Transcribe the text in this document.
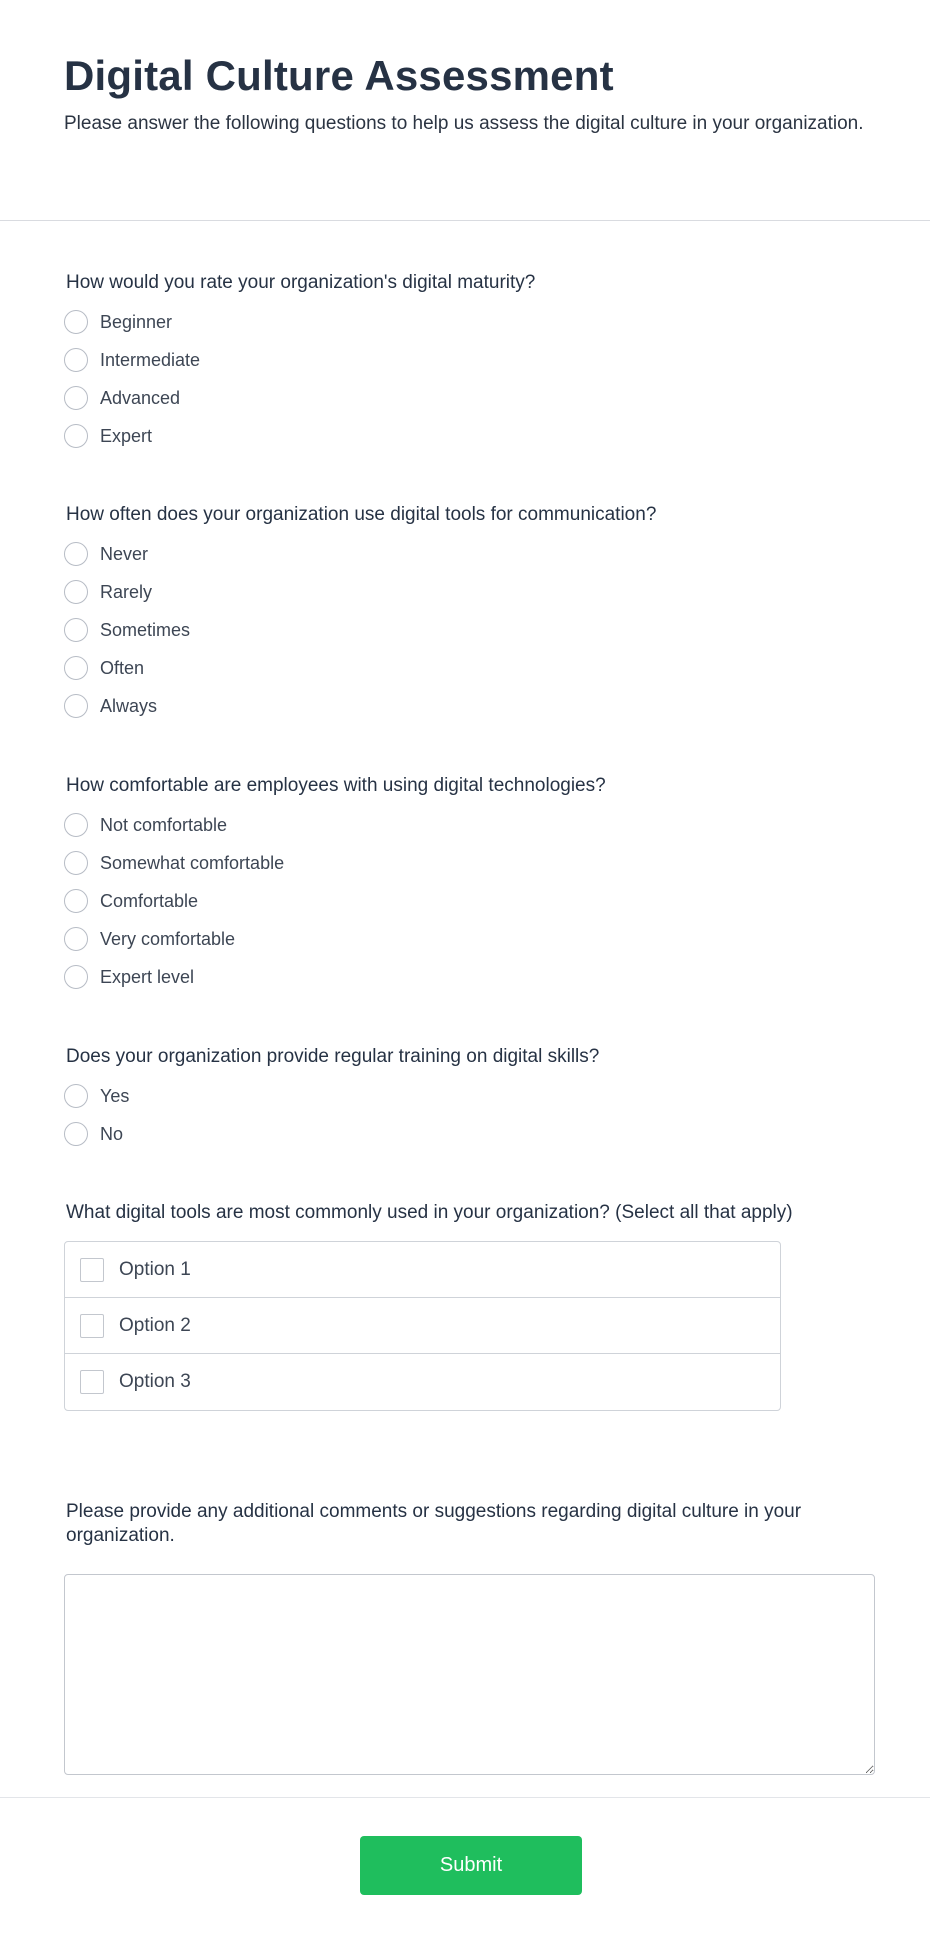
Digital Culture Assessment

Please answer the following questions to help us assess the digital culture in your organization.

How would you rate your organization's digital maturity?
Beginner
Intermediate
Advanced
Expert
How often does your organization use digital tools for communication?
Never
Rarely
Sometimes
Often
Always
How comfortable are employees with using digital technologies?
Not comfortable
Somewhat comfortable
Comfortable
Very comfortable
Expert level
Does your organization provide regular training on digital skills?
Yes
No
What digital tools are most commonly used in your organization? (Select all that apply)
Option 1
Option 2
Option 3
Please provide any additional comments or suggestions regarding digital culture in your organization.
Submit
